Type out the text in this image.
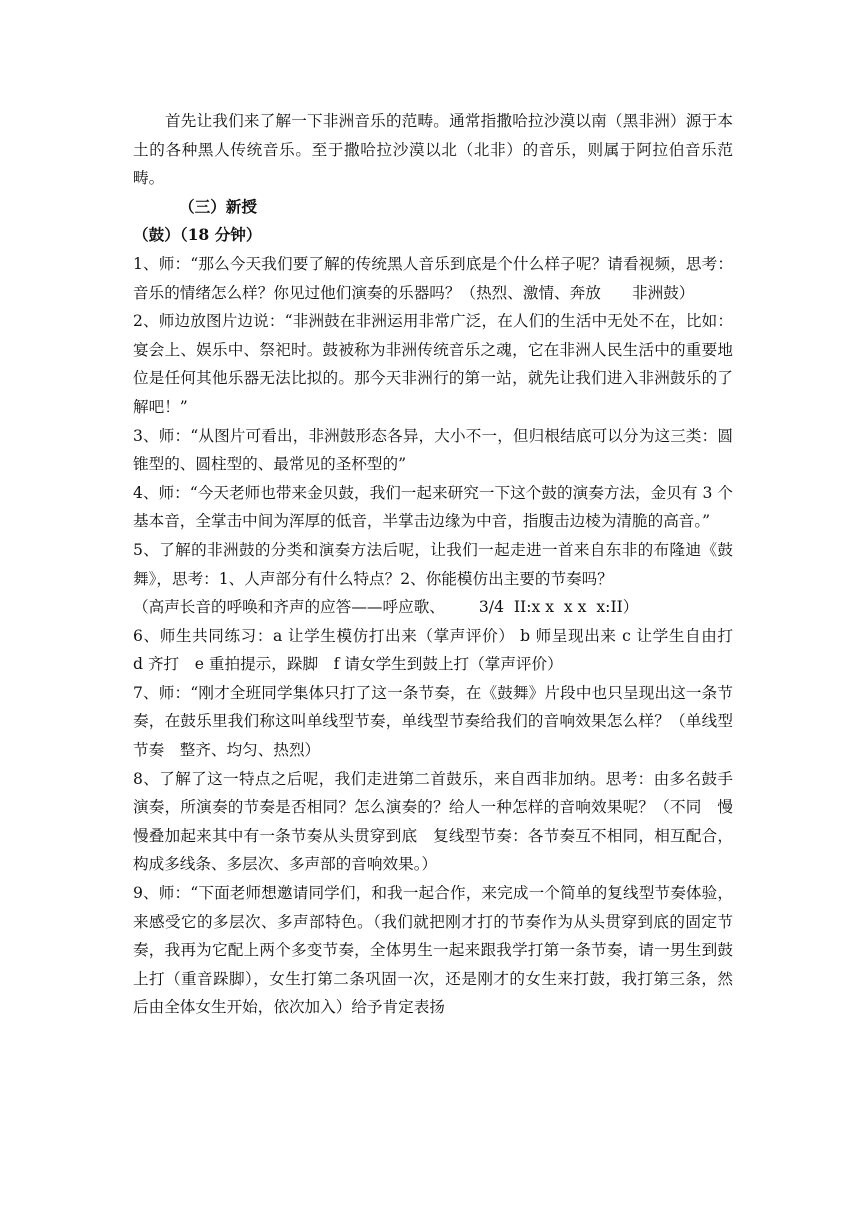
首先让我们来了解一下非洲音乐的范畴。通常指撒哈拉沙漠以南（黑非洲）源于本土的各种黑人传统音乐。至于撒哈拉沙漠以北（北非）的音乐，则属于阿拉伯音乐范畴。

（三）新授

（鼓）（18 分钟）

1、师：“那么今天我们要了解的传统黑人音乐到底是个什么样子呢？请看视频，思考：音乐的情绪怎么样？你见过他们演奏的乐器吗？（热烈、激情、奔放　　非洲鼓）

2、师边放图片边说：“非洲鼓在非洲运用非常广泛，在人们的生活中无处不在，比如：宴会上、娱乐中、祭祀时。鼓被称为非洲传统音乐之魂，它在非洲人民生活中的重要地位是任何其他乐器无法比拟的。那今天非洲行的第一站，就先让我们进入非洲鼓乐的了解吧！”

3、师：“从图片可看出，非洲鼓形态各异，大小不一，但归根结底可以分为这三类：圆锥型的、圆柱型的、最常见的圣杯型的”

4、师：“今天老师也带来金贝鼓，我们一起来研究一下这个鼓的演奏方法，金贝有 3 个基本音，全掌击中间为浑厚的低音，半掌击边缘为中音，指腹击边棱为清脆的高音。”

5、了解的非洲鼓的分类和演奏方法后呢，让我们一起走进一首来自东非的布隆迪《鼓舞》，思考：1、人声部分有什么特点？2、你能模仿出主要的节奏吗？

（高声长音的呼唤和齐声的应答——呼应歌、 3/4  II:x x  x x  x:II）

6、师生共同练习：a 让学生模仿打出来（掌声评价） b 师呈现出来 c 让学生自由打　d 齐打　e 重拍提示，跺脚　f 请女学生到鼓上打（掌声评价）

7、师：“刚才全班同学集体只打了这一条节奏，在《鼓舞》片段中也只呈现出这一条节奏，在鼓乐里我们称这叫单线型节奏，单线型节奏给我们的音响效果怎么样？（单线型节奏　整齐、均匀、热烈）

8、了解了这一特点之后呢，我们走进第二首鼓乐，来自西非加纳。思考：由多名鼓手演奏，所演奏的节奏是否相同？怎么演奏的？给人一种怎样的音响效果呢？（不同　慢慢叠加起来其中有一条节奏从头贯穿到底　复线型节奏：各节奏互不相同，相互配合，构成多线条、多层次、多声部的音响效果。）

9、师：“下面老师想邀请同学们，和我一起合作，来完成一个简单的复线型节奏体验，来感受它的多层次、多声部特色。（我们就把刚才打的节奏作为从头贯穿到底的固定节奏，我再为它配上两个多变节奏，全体男生一起来跟我学打第一条节奏，请一男生到鼓上打（重音跺脚），女生打第二条巩固一次，还是刚才的女生来打鼓，我打第三条，然后由全体女生开始，依次加入）给予肯定表扬
